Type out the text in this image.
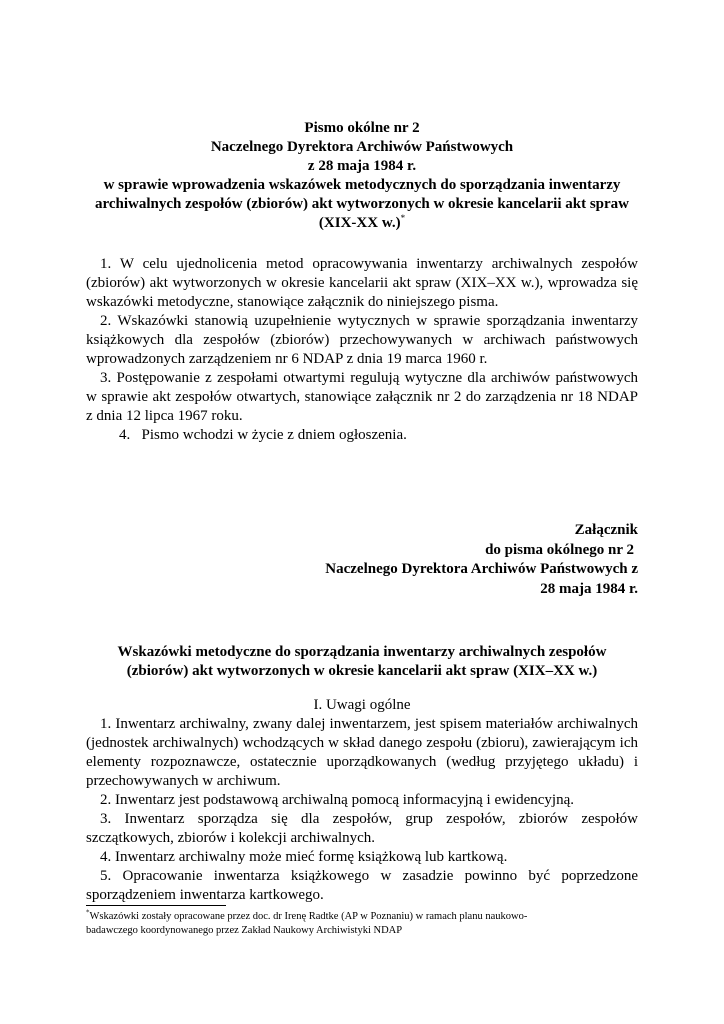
Pismo okólne nr 2
Naczelnego Dyrektora Archiwów Państwowych
z 28 maja 1984 r.
w sprawie wprowadzenia wskazówek metodycznych do sporządzania inwentarzy
archiwalnych zespołów (zbiorów) akt wytworzonych w okresie kancelarii akt spraw
(XIX-XX w.)*

1. W celu ujednolicenia metod opracowywania inwentarzy archiwalnych zespołów (zbiorów) akt wytworzonych w okresie kancelarii akt spraw (XIX–XX w.), wprowadza się wskazówki metodyczne, stanowiące załącznik do niniejszego pisma.

2. Wskazówki stanowią uzupełnienie wytycznych w sprawie sporządzania inwentarzy książkowych dla zespołów (zbiorów) przechowywanych w archiwach państwowych wprowadzonych zarządzeniem nr 6 NDAP z dnia 19 marca 1960 r.

3. Postępowanie z zespołami otwartymi regulują wytyczne dla archiwów państwowych w sprawie akt zespołów otwartych, stanowiące załącznik nr 2 do zarządzenia nr 18 NDAP z dnia 12 lipca 1967 roku.

4.   Pismo wchodzi w życie z dniem ogłoszenia.

Załącznik
do pisma okólnego nr 2
Naczelnego Dyrektora Archiwów Państwowych z
28 maja 1984 r.
Wskazówki metodyczne do sporządzania inwentarzy archiwalnych zespołów
(zbiorów) akt wytworzonych w okresie kancelarii akt spraw (XIX–XX w.)

I. Uwagi ogólne

1. Inwentarz archiwalny, zwany dalej inwentarzem, jest spisem materiałów archiwalnych (jednostek archiwalnych) wchodzących w skład danego zespołu (zbioru), zawierającym ich elementy rozpoznawcze, ostatecznie uporządkowanych (według przyjętego układu) i przechowywanych w archiwum.

2. Inwentarz jest podstawową archiwalną pomocą informacyjną i ewidencyjną.

3. Inwentarz sporządza się dla zespołów, grup zespołów, zbiorów zespołów szczątkowych, zbiorów i kolekcji archiwalnych.

4. Inwentarz archiwalny może mieć formę książkową lub kartkową.

5. Opracowanie inwentarza książkowego w zasadzie powinno być poprzedzone sporządzeniem inwentarza kartkowego.

*Wskazówki zostały opracowane przez doc. dr Irenę Radtke (AP w Poznaniu) w ramach planu naukowo-
badawczego koordynowanego przez Zakład Naukowy Archiwistyki NDAP
